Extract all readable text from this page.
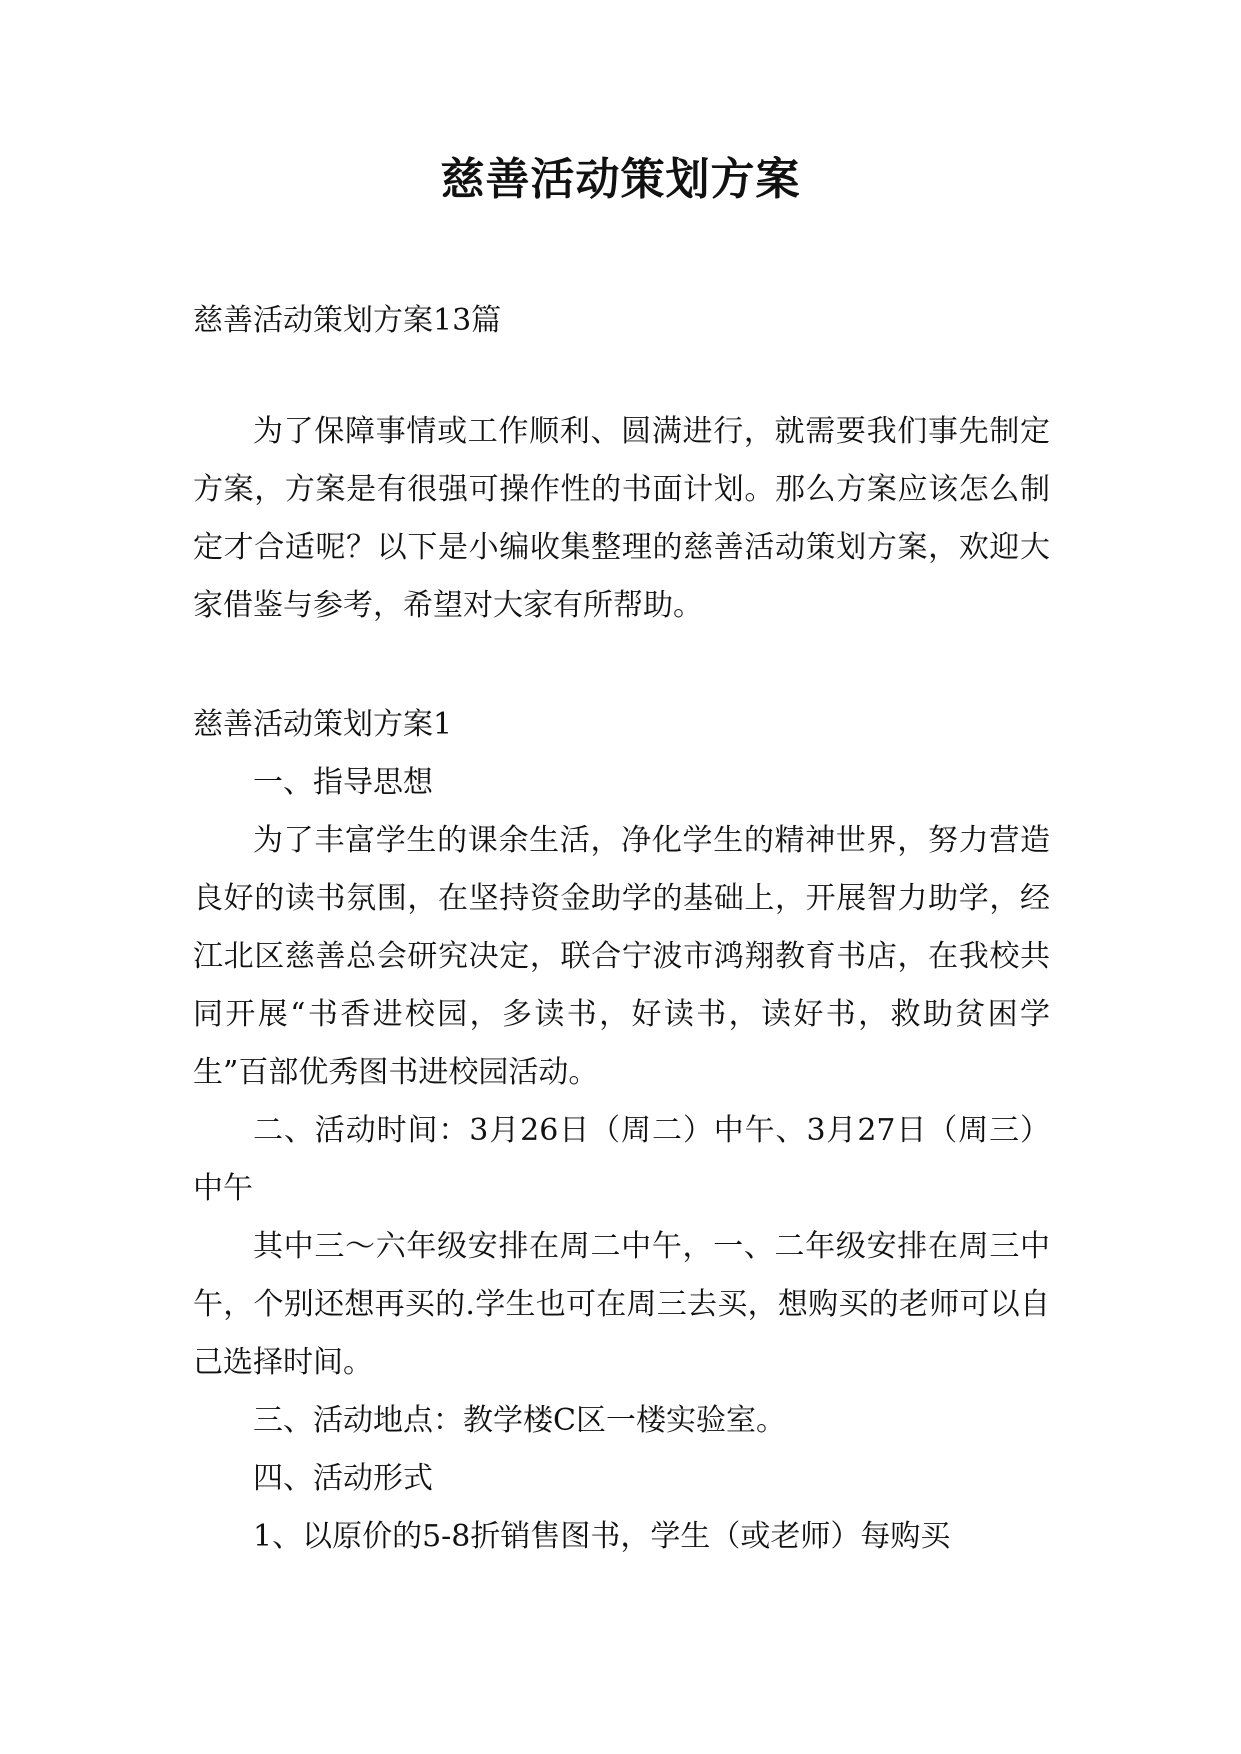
慈善活动策划方案

慈善活动策划方案13篇

为了保障事情或工作顺利、圆满进行，就需要我们事先制定方案，方案是有很强可操作性的书面计划。那么方案应该怎么制定才合适呢？以下是小编收集整理的慈善活动策划方案，欢迎大家借鉴与参考，希望对大家有所帮助。

慈善活动策划方案1

一、指导思想

为了丰富学生的课余生活，净化学生的精神世界，努力营造良好的读书氛围，在坚持资金助学的基础上，开展智力助学，经江北区慈善总会研究决定，联合宁波市鸿翔教育书店，在我校共同开展“书香进校园，多读书，好读书，读好书，救助贫困学生”百部优秀图书进校园活动。

二、活动时间：3月26日（周二）中午、3月27日（周三）中午

其中三～六年级安排在周二中午，一、二年级安排在周三中午，个别还想再买的.学生也可在周三去买，想购买的老师可以自己选择时间。

三、活动地点：教学楼C区一楼实验室。

四、活动形式

1、以原价的5-8折销售图书，学生（或老师）每购买
